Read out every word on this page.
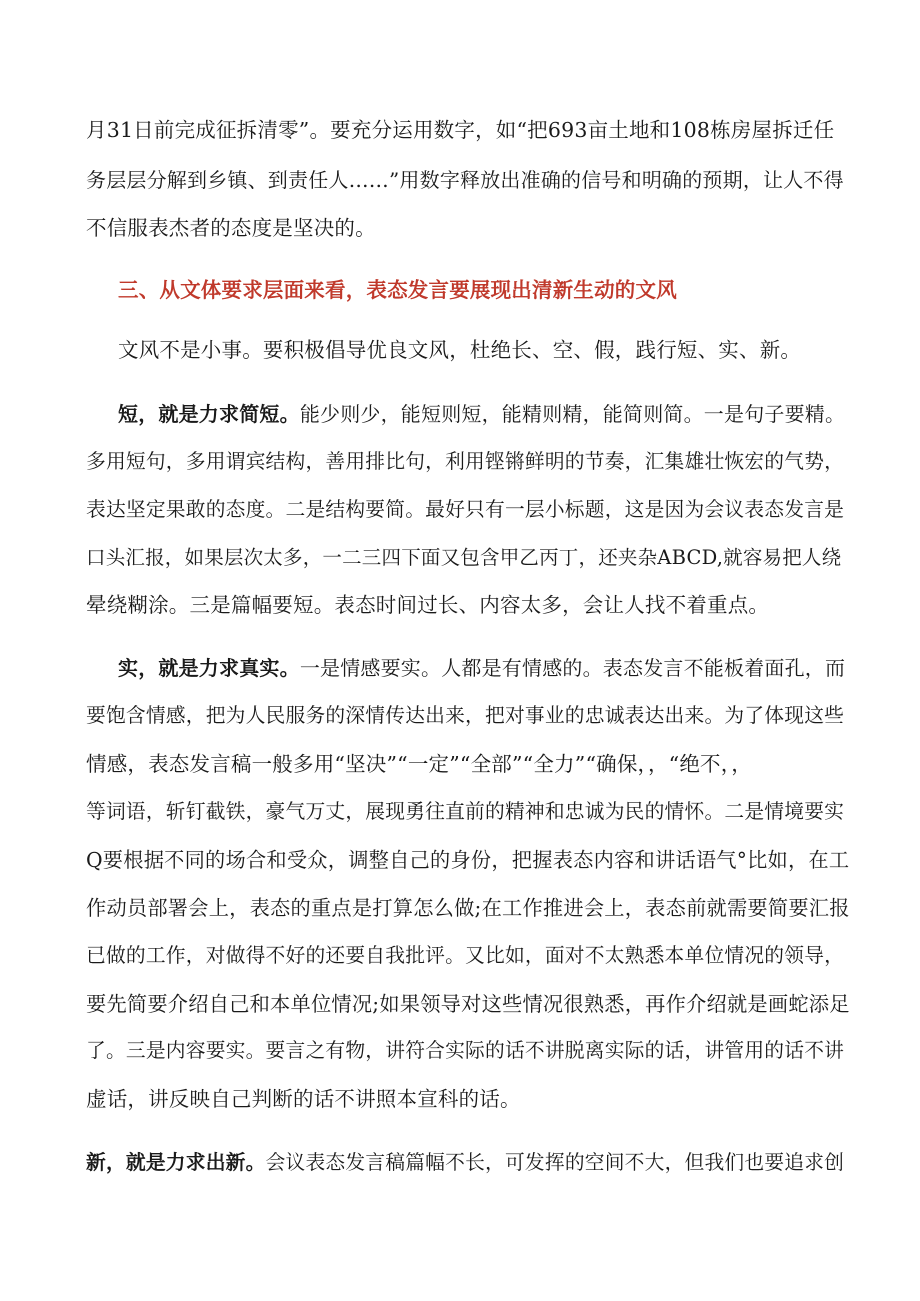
月31日前完成征拆清零”。要充分运用数字，如“把693亩土地和108栋房屋拆迁任
务层层分解到乡镇、到责任人……”用数字释放出准确的信号和明确的预期，让人不得
不信服表杰者的态度是坚决的。
三、从文体要求层面来看，表态发言要展现出清新生动的文风
文风不是小事。要积极倡导优良文风，杜绝长、空、假，践行短、实、新。
短，就是力求简短。能少则少，能短则短，能精则精，能简则简。一是句子要精。
多用短句，多用谓宾结构，善用排比句，利用铿锵鲜明的节奏，汇集雄壮恢宏的气势，
表达坚定果敢的态度。二是结构要简。最好只有一层小标题，这是因为会议表态发言是
口头汇报，如果层次太多，一二三四下面又包含甲乙丙丁，还夹杂ABCD,就容易把人绕
晕绕糊涂。三是篇幅要短。表态时间过长、内容太多，会让人找不着重点。
实，就是力求真实。一是情感要实。人都是有情感的。表态发言不能板着面孔，而
要饱含情感，把为人民服务的深情传达出来，把对事业的忠诚表达出来。为了体现这些
情感，表态发言稿一般多用“坚决”“一定”“全部”“全力”“确保，，“绝不，，
等词语，斩钉截铁，豪气万丈，展现勇往直前的精神和忠诚为民的情怀。二是情境要实
Q要根据不同的场合和受众，调整自己的身份，把握表态内容和讲话语气°比如，在工
作动员部署会上，表态的重点是打算怎么做;在工作推进会上，表态前就需要简要汇报
已做的工作，对做得不好的还要自我批评。又比如，面对不太熟悉本单位情况的领导，
要先简要介绍自己和本单位情况;如果领导对这些情况很熟悉，再作介绍就是画蛇添足
了。三是内容要实。要言之有物，讲符合实际的话不讲脱离实际的话，讲管用的话不讲
虚话，讲反映自己判断的话不讲照本宣科的话。
新，就是力求出新。会议表态发言稿篇幅不长，可发挥的空间不大，但我们也要追求创
